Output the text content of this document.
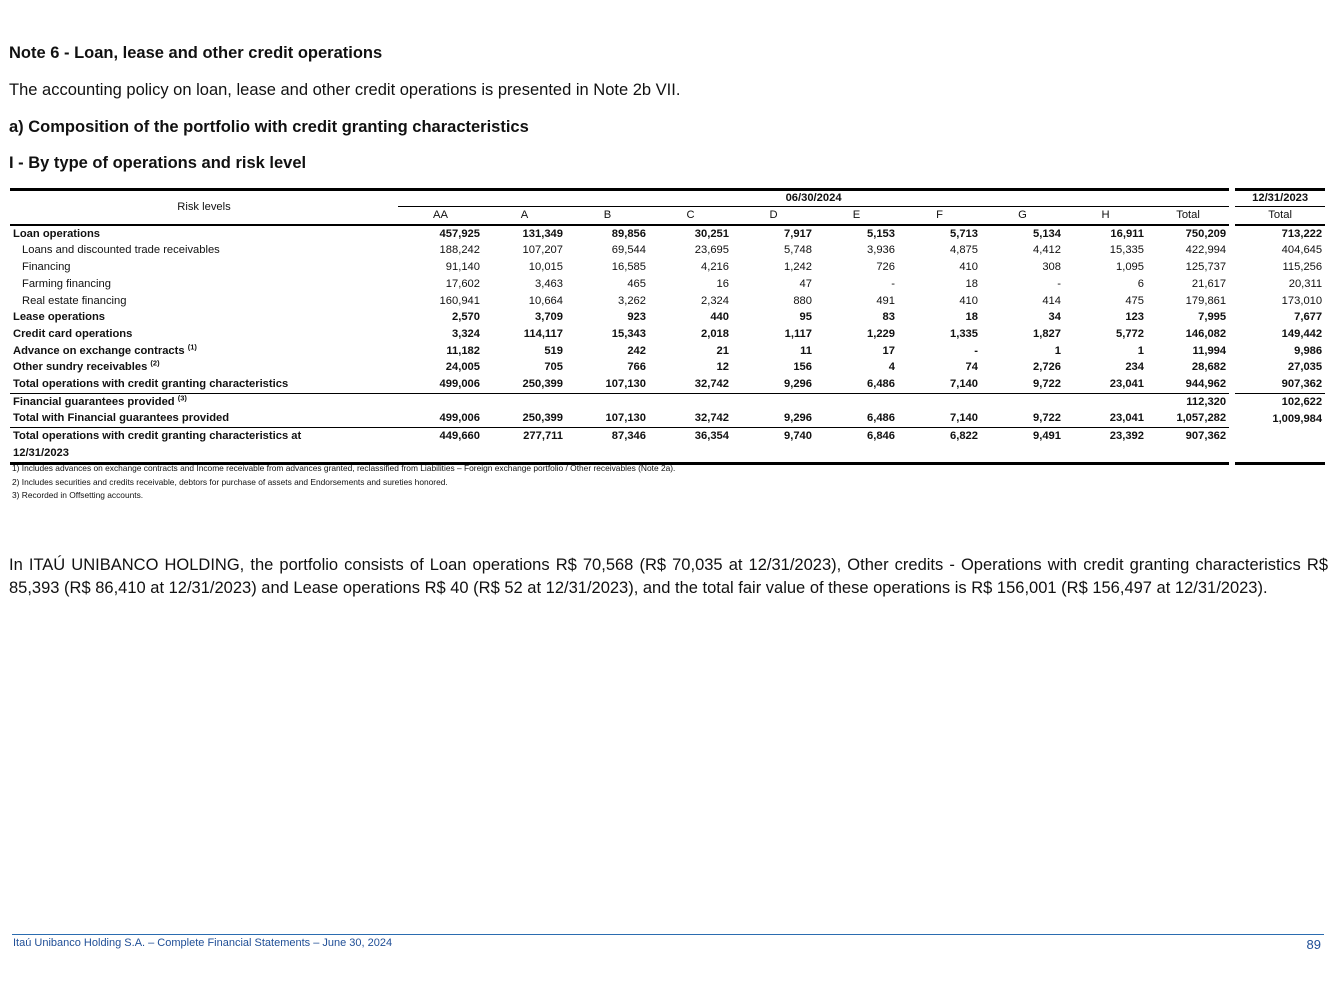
Note 6 - Loan, lease and other credit operations

The accounting policy on loan, lease and other credit operations is presented in Note 2b VII.

a) Composition of the portfolio with credit granting characteristics
I - By type of operations and risk level
Risk levels	06/30/2024											12/31/2023
	AA	A	B	C	D	E	F	G	H	Total		Total
Loan operations	457,925	131,349	89,856	30,251	7,917	5,153	5,713	5,134	16,911	750,209		713,222
Loans and discounted trade receivables	188,242	107,207	69,544	23,695	5,748	3,936	4,875	4,412	15,335	422,994		404,645
Financing	91,140	10,015	16,585	4,216	1,242	726	410	308	1,095	125,737		115,256
Farming financing	17,602	3,463	465	16	47	-	18	-	6	21,617		20,311
Real estate financing	160,941	10,664	3,262	2,324	880	491	410	414	475	179,861		173,010
Lease operations	2,570	3,709	923	440	95	83	18	34	123	7,995		7,677
Credit card operations	3,324	114,117	15,343	2,018	1,117	1,229	1,335	1,827	5,772	146,082		149,442
Advance on exchange contracts $^{(1)}$	11,182	519	242	21	11	17	-	1	1	11,994		9,986
Other sundry receivables $^{(2)}$	24,005	705	766	12	156	4	74	2,726	234	28,682		27,035
Total operations with credit granting characteristics	499,006	250,399	107,130	32,742	9,296	6,486	7,140	9,722	23,041	944,962		907,362
Financial guarantees provided $^{(3)}$										112,320		102,622
Total with Financial guarantees provided	499,006	250,399	107,130	32,742	9,296	6,486	7,140	9,722	23,041	1,057,282		1,009,984
Total operations with credit granting characteristics at
12/31/2023	449,660	277,711	87,346	36,354	9,740	6,846	6,822	9,491	23,392	907,362		
1) Includes advances on exchange contracts and Income receivable from advances granted, reclassified from Liabilities – Foreign exchange portfolio / Other receivables (Note 2a).
2) Includes securities and credits receivable, debtors for purchase of assets and Endorsements and sureties honored.
3) Recorded in Offsetting accounts.

In ITAÚ UNIBANCO HOLDING, the portfolio consists of Loan operations R$ 70,568 (R$ 70,035 at 12/31/2023), Other credits - Operations with credit granting characteristics R$ 85,393 (R$ 86,410 at 12/31/2023) and Lease operations R$ 40 (R$ 52 at 12/31/2023), and the total fair value of these operations is R$ 156,001 (R$ 156,497 at 12/31/2023).

Itaú Unibanco Holding S.A. – Complete Financial Statements – June 30, 2024	89
